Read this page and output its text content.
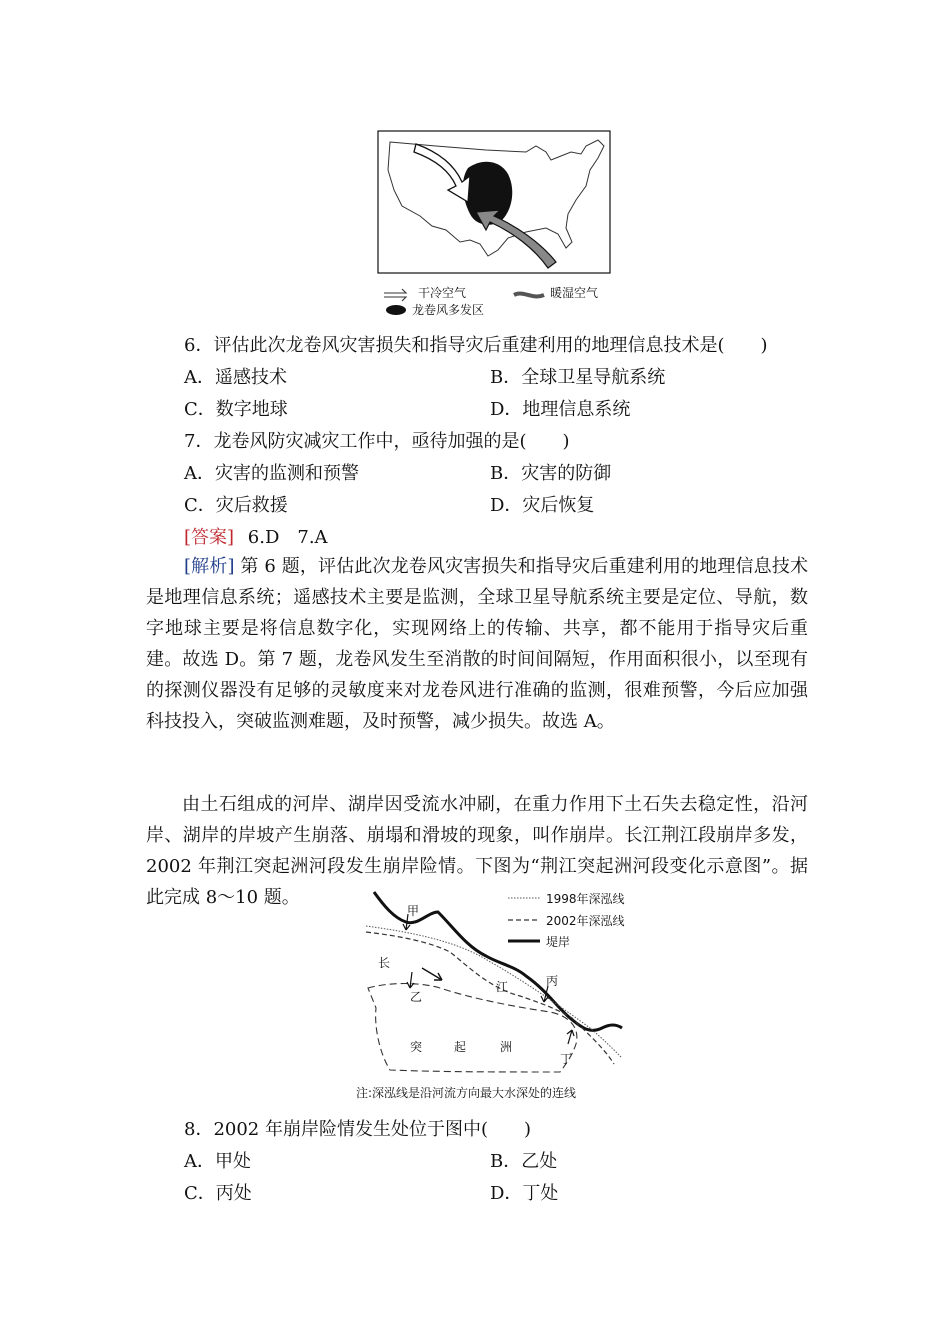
干冷空气	暖湿空气
龙卷风多发区
6．评估此次龙卷风灾害损失和指导灾后重建利用的地理信息技术是(　　)
A．遥感技术	B．全球卫星导航系统
C．数字地球	D．地理信息系统
7．龙卷风防灾减灾工作中，亟待加强的是(　　)
A．灾害的监测和预警	B．灾害的防御
C．灾后救援	D．灾后恢复
[答案] 6.D　7.A
[解析] 第 6 题，评估此次龙卷风灾害损失和指导灾后重建利用的地理信息技术是地理信息系统；遥感技术主要是监测，全球卫星导航系统主要是定位、导航，数字地球主要是将信息数字化，实现网络上的传输、共享，都不能用于指导灾后重建。故选 D。第 7 题，龙卷风发生至消散的时间间隔短，作用面积很小，以至现有的探测仪器没有足够的灵敏度来对龙卷风进行准确的监测，很难预警，今后应加强科技投入，突破监测难题，及时预警，减少损失。故选 A。
由土石组成的河岸、湖岸因受流水冲刷，在重力作用下土石失去稳定性，沿河岸、湖岸的岸坡产生崩落、崩塌和滑坡的现象，叫作崩岸。长江荆江段崩岸多发，2002 年荆江突起洲河段发生崩岸险情。下图为“荆江突起洲河段变化示意图”。据此完成 8～10 题。	1998年深泓线
2002年深泓线
堤岸
甲
长
乙
江	丙
突	起	洲
丁
注:深泓线是沿河流方向最大水深处的连线
8．2002 年崩岸险情发生处位于图中(　　)
A．甲处	B．乙处
C．丙处	D．丁处
